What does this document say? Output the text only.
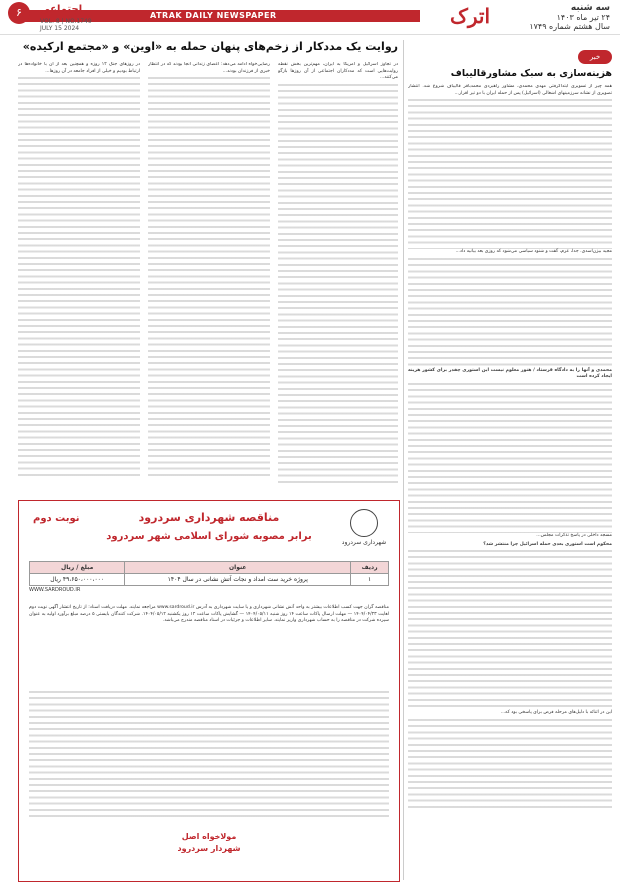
سه شنبه
۲۴ تیر ماه ۱۴۰۳
سال هشتم شماره ۱۷۴۹
اترک
ATRAK DAILY NEWSPAPER
اجتماعی
۶
VOL. 8 | NO.1749
JULY 15 2024
خبر
هزینه‌سازی به سبک مشاورقالیباف

همه چیز از تسویری ابتداگرفتی مهدی محمدی، مشاور راهبردی محمدباقر قالیباف شروع شد. انتشار تصویری از نشانه سرزمینهای اشغالی (اسرائیل) پس از حمله ایران با دو تیر اقرار...

مجید بیژن‌اسدی. جدا، عزم، گفت و شنود سیاسی می‌شود که روزی بعد بیانیه داد...

محمدی و آنها را به دادگاه فرستاد / هنوز معلوم نیست این استوری چقدر برای کشور هزینه ایجاد کرده است

مسجد داخلی در پاسخ تذکرات مجلس...

محکوم است استوری بعدی حمله اسرائیل چرا منتشر شد؟

این در اثنائه با دلیل‌های مرحله فرض برای پاسخی بود که...

روایت یک مددکار از زخم‌های پنهان حمله به «اوین» و «مجتمع ارکیده»

در تجاوز اسرائیل و آمریکا به ایران، مهم‌ترین بخش نقطه روایت‌هایی است که مددکاران اجتماعی از آن روزها بازگو می‌کنند...

رضایی‌خواه ادامه می‌دهد: اعضای زندانی آنجا بودند که در انتظار خبری از فرزندان بودند...

در روزهای جنگ ۱۲ روزه و همچنین بعد از آن با خانواده‌ها در ارتباط بودیم و خیلی از افراد جامعه در آن روزها...

نوبت دوم
شهرداری سردرود
مناقصه شهرداری سردرود
برابر مصوبه شورای اسلامی شهر سردرود
ردیف	عنوان	مبلغ / ریال
۱	پروژه خرید ست امداد و نجات آتش نشانی در سال ۱۴۰۴	۴۹،۶۵۰،۰۰۰،۰۰۰ ریال
WWW.SARDROUD.IR
مناقصه گران جهت کسب اطلاعات بیشتر به واحد آتش نشانی شهرداری و یا سایت شهرداری به آدرس www.sardroud.ir مراجعه نمایند. مهلت دریافت اسناد: از تاریخ انتشار آگهی نوبت دوم لغایت ۱۴۰۴/۰۴/۲۳ — مهلت ارسال پاکات ساعت ۱۴ روز شنبه ۱۴۰۴/۰۵/۱۱ — گشایش پاکات ساعت ۱۲ روز یکشنبه ۱۴۰۴/۰۵/۱۲. شرکت کنندگان بایستی ۵ درصد مبلغ برآورد اولیه به عنوان سپرده شرکت در مناقصه را به حساب شهرداری واریز نمایند. سایر اطلاعات و جزئیات در اسناد مناقصه مندرج می‌باشد.
مولاخواه اصل
شهردار سردرود
